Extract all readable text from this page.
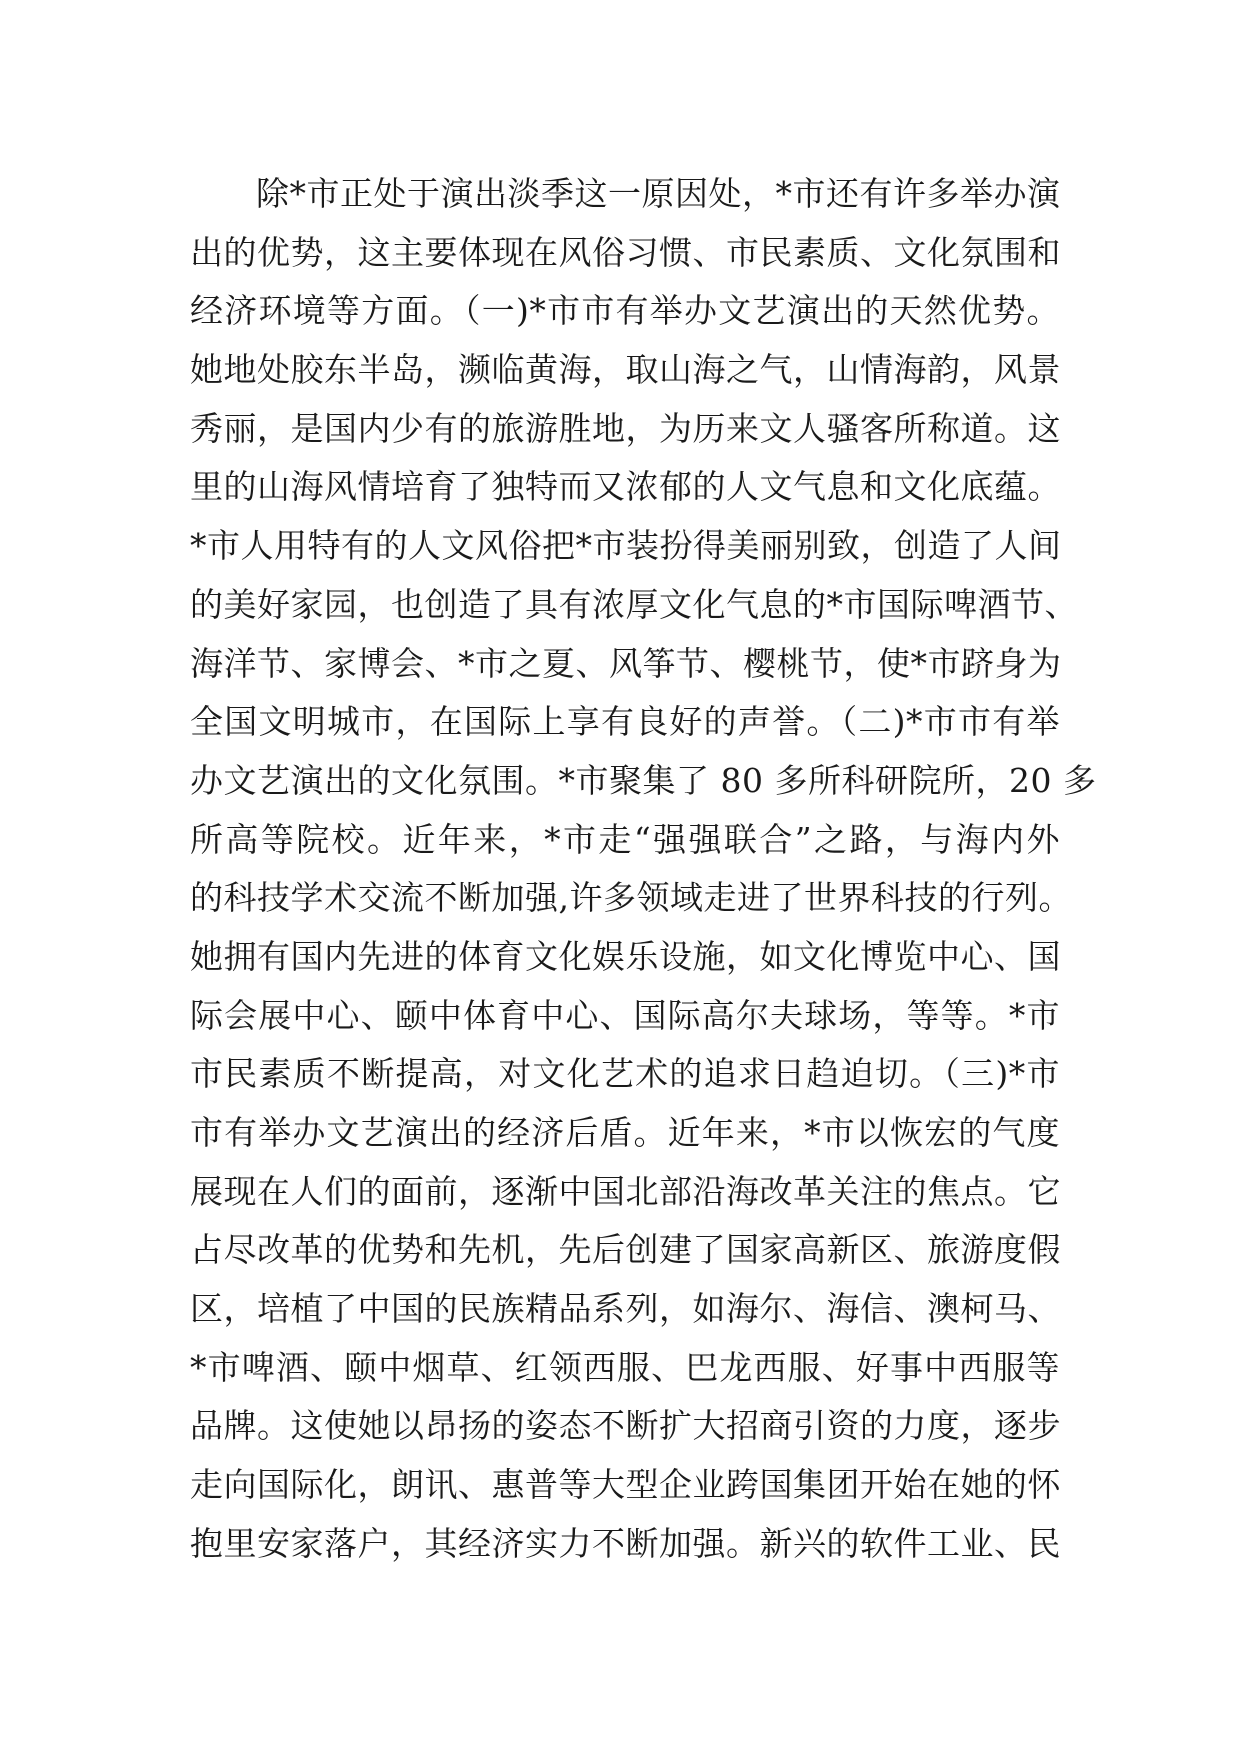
除*市正处于演出淡季这一原因处，*市还有许多举办演
出的优势，这主要体现在风俗习惯、市民素质、文化氛围和
经济环境等方面。（一)*市市有举办文艺演出的天然优势。
她地处胶东半岛，濒临黄海，取山海之气，山情海韵，风景
秀丽，是国内少有的旅游胜地，为历来文人骚客所称道。这
里的山海风情培育了独特而又浓郁的人文气息和文化底蕴。
*市人用特有的人文风俗把*市装扮得美丽别致，创造了人间
的美好家园，也创造了具有浓厚文化气息的*市国际啤酒节、
海洋节、家博会、*市之夏、风筝节、樱桃节，使*市跻身为
全国文明城市，在国际上享有良好的声誉。（二)*市市有举
办文艺演出的文化氛围。*市聚集了 80 多所科研院所，20 多
所高等院校。近年来，*市走“强强联合”之路，与海内外
的科技学术交流不断加强,许多领域走进了世界科技的行列。
她拥有国内先进的体育文化娱乐设施，如文化博览中心、国
际会展中心、颐中体育中心、国际高尔夫球场，等等。*市
市民素质不断提高，对文化艺术的追求日趋迫切。（三)*市
市有举办文艺演出的经济后盾。近年来，*市以恢宏的气度
展现在人们的面前，逐渐中国北部沿海改革关注的焦点。它
占尽改革的优势和先机，先后创建了国家高新区、旅游度假
区，培植了中国的民族精品系列，如海尔、海信、澳柯马、
*市啤酒、颐中烟草、红领西服、巴龙西服、好事中西服等
品牌。这使她以昂扬的姿态不断扩大招商引资的力度，逐步
走向国际化，朗讯、惠普等大型企业跨国集团开始在她的怀
抱里安家落户，其经济实力不断加强。新兴的软件工业、民
